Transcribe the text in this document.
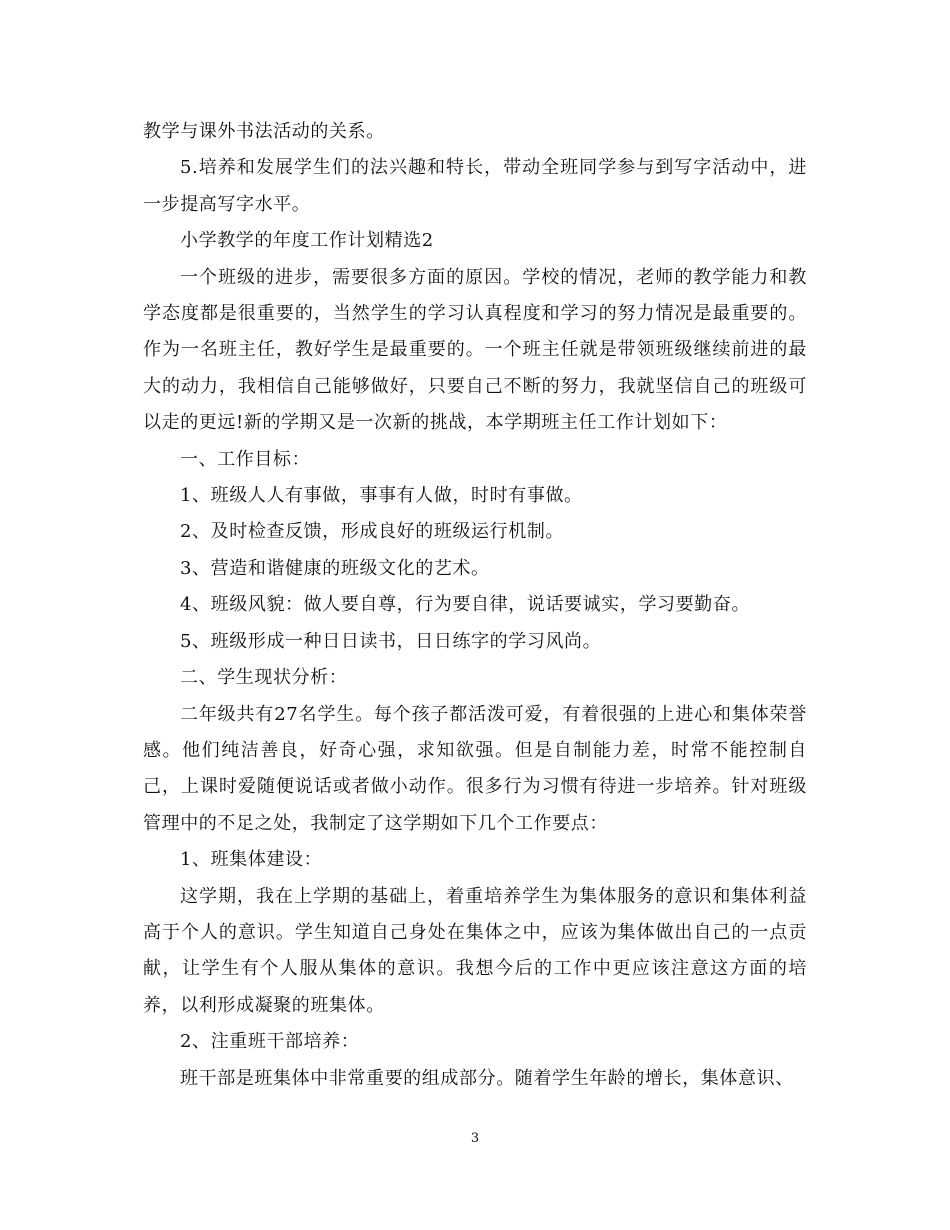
教学与课外书法活动的关系。

5.培养和发展学生们的法兴趣和特长，带动全班同学参与到写字活动中，进一步提高写字水平。

小学教学的年度工作计划精选2

一个班级的进步，需要很多方面的原因。学校的情况，老师的教学能力和教学态度都是很重要的，当然学生的学习认真程度和学习的努力情况是最重要的。作为一名班主任，教好学生是最重要的。一个班主任就是带领班级继续前进的最大的动力，我相信自己能够做好，只要自己不断的努力，我就坚信自己的班级可以走的更远!新的学期又是一次新的挑战，本学期班主任工作计划如下：

一、工作目标：

1、班级人人有事做，事事有人做，时时有事做。

2、及时检查反馈，形成良好的班级运行机制。

3、营造和谐健康的班级文化的艺术。

4、班级风貌：做人要自尊，行为要自律，说话要诚实，学习要勤奋。

5、班级形成一种日日读书，日日练字的学习风尚。

二、学生现状分析：

二年级共有27名学生。每个孩子都活泼可爱，有着很强的上进心和集体荣誉感。他们纯洁善良，好奇心强，求知欲强。但是自制能力差，时常不能控制自己，上课时爱随便说话或者做小动作。很多行为习惯有待进一步培养。针对班级管理中的不足之处，我制定了这学期如下几个工作要点：

1、班集体建设：

这学期，我在上学期的基础上，着重培养学生为集体服务的意识和集体利益高于个人的意识。学生知道自己身处在集体之中，应该为集体做出自己的一点贡献，让学生有个人服从集体的意识。我想今后的工作中更应该注意这方面的培养，以利形成凝聚的班集体。

2、注重班干部培养：

班干部是班集体中非常重要的组成部分。随着学生年龄的增长，集体意识、

3
